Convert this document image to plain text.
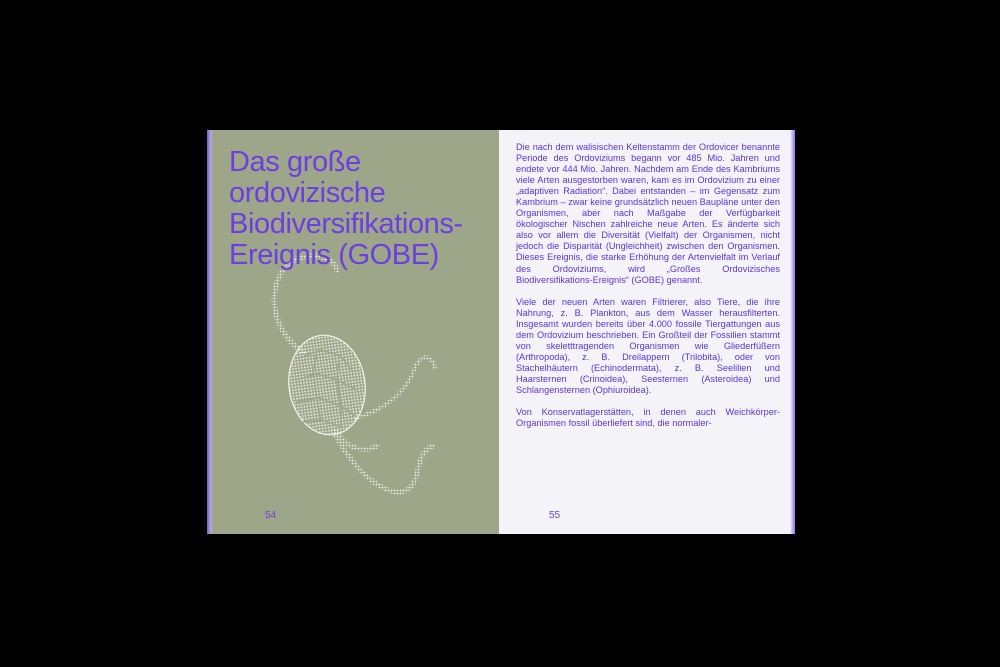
Das große ordovizische Biodiversifikations-Ereignis (GOBE)
54

Die nach dem walisischen Keltenstamm der Ordovicer benannte Periode des Ordoviziums begann vor 485 Mio. Jahren und endete vor 444 Mio. Jahren. Nachdem am Ende des Kambriums viele Arten ausgestorben waren, kam es im Ordovizium zu einer „adaptiven Radiation“. Dabei entstanden – im Gegensatz zum Kambrium – zwar keine grundsätzlich neuen Baupläne unter den Organismen, aber nach Maßgabe der Verfügbarkeit ökologischer Nischen zahlreiche neue Arten. Es änderte sich also vor allem die Diversität (Vielfalt) der Organismen, nicht jedoch die Disparität (Ungleichheit) zwischen den Organismen. Dieses Ereignis, die starke Erhöhung der Artenvielfalt im Verlauf des Ordoviziums, wird „Großes Ordovizisches Biodiversifikations-Ereignis“ (GOBE) genannt.

Viele der neuen Arten waren Filtrierer, also Tiere, die ihre Nahrung, z. B. Plankton, aus dem Wasser herausfilterten. Insgesamt wurden bereits über 4.000 fossile Tiergattungen aus dem Ordovizium beschrieben. Ein Großteil der Fossilien stammt von skeletttragenden Organismen wie Gliederfüßern (Arthropoda), z. B. Dreilappern (Trilobita), oder von Stachelhäutern (Echinodermata), z. B. Seelilien und Haarsternen (Crinoidea), Seesternen (Asteroidea) und Schlangensternen (Ophiuroidea).

Von Konservatlagerstätten, in denen auch Weichkörper-Organismen fossil überliefert sind, die normaler-

55
